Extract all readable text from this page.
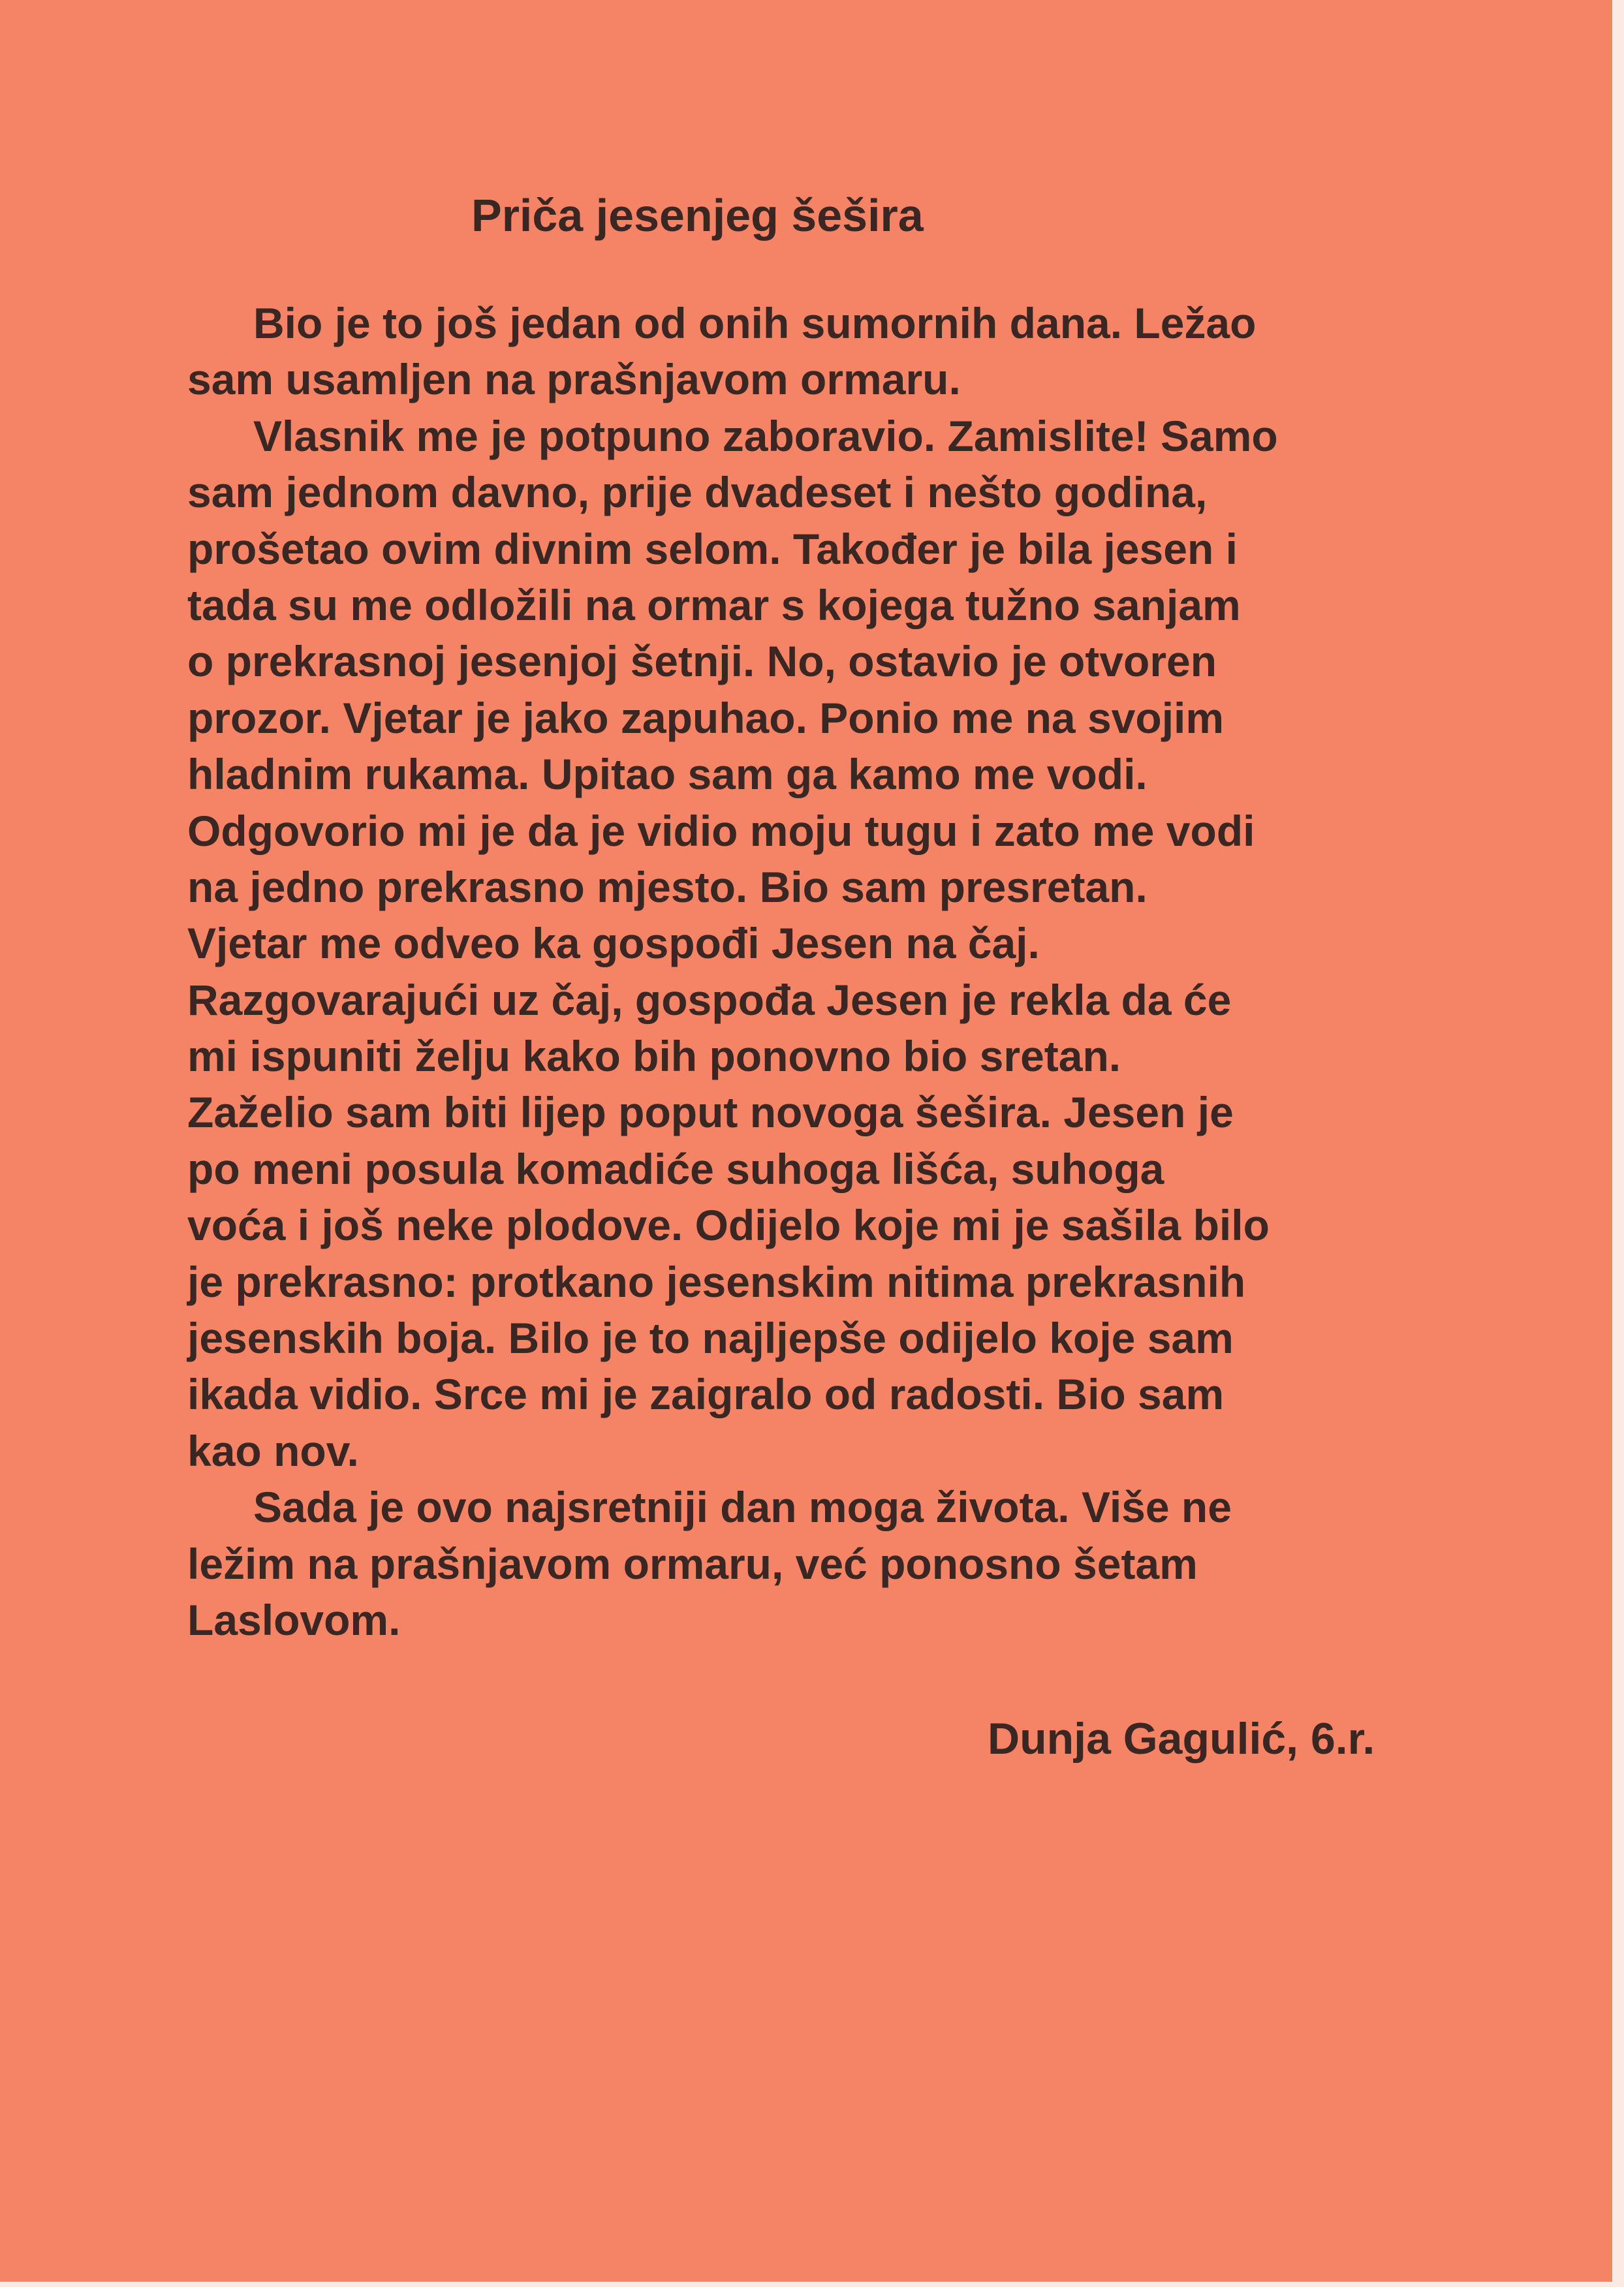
Priča jesenjeg šešira

Bio je to još jedan od onih sumornih dana. Ležao

sam usamljen na prašnjavom ormaru.

Vlasnik me je potpuno zaboravio. Zamislite! Samo

sam jednom davno, prije dvadeset i nešto godina,

prošetao ovim divnim selom. Također je bila jesen i

tada su me odložili na ormar s kojega tužno sanjam

o prekrasnoj jesenjoj šetnji. No, ostavio je otvoren

prozor. Vjetar je jako zapuhao. Ponio me na svojim

hladnim rukama. Upitao sam ga kamo me vodi.

Odgovorio mi je da je vidio moju tugu i zato me vodi

na jedno prekrasno mjesto. Bio sam presretan.

Vjetar me odveo ka gospođi Jesen na čaj.

Razgovarajući uz čaj, gospođa Jesen je rekla da će

mi ispuniti želju kako bih ponovno bio sretan.

Zaželio sam biti lijep poput novoga šešira. Jesen je

po meni posula komadiće suhoga lišća, suhoga

voća i još neke plodove. Odijelo koje mi je sašila bilo

je prekrasno: protkano jesenskim nitima prekrasnih

jesenskih boja. Bilo je to najljepše odijelo koje sam

ikada vidio. Srce mi je zaigralo od radosti. Bio sam

kao nov.

Sada je ovo najsretniji dan moga života. Više ne

ležim na prašnjavom ormaru, već ponosno šetam

Laslovom.

Dunja Gagulić, 6.r.
